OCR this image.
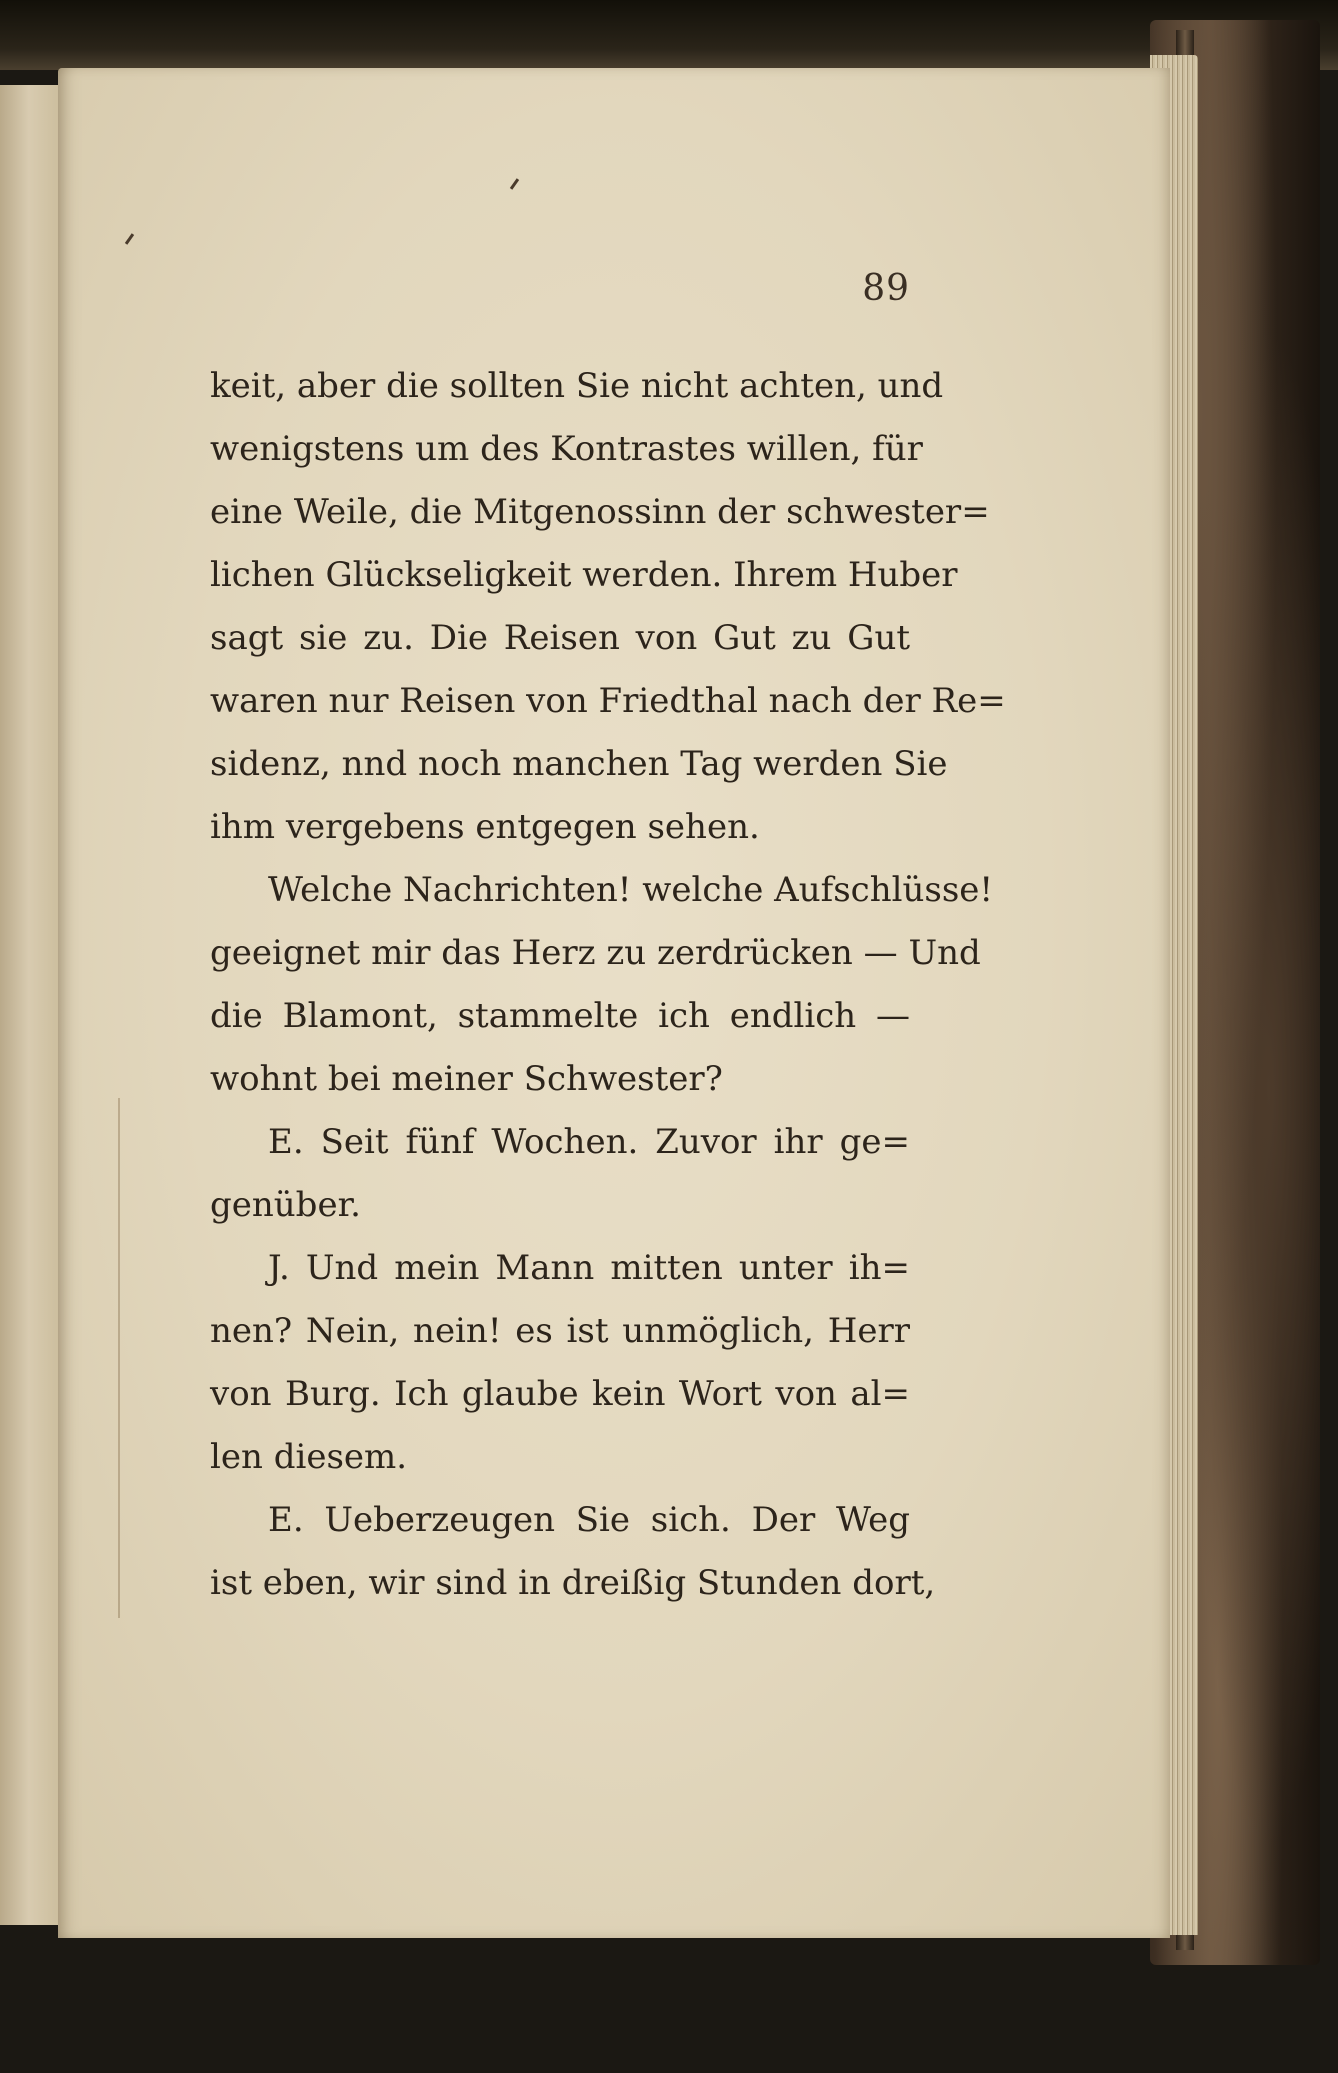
89
keit, aber die sollten Sie nicht achten, und
wenigstens um des Kontrastes willen, für
eine Weile, die Mitgenossinn der schwester=
lichen Glückseligkeit werden. Ihrem Huber
sagt sie zu. Die Reisen von Gut zu Gut
waren nur Reisen von Friedthal nach der Re=
sidenz, nnd noch manchen Tag werden Sie
ihm vergebens entgegen sehen.
Welche Nachrichten! welche Aufschlüsse!
geeignet mir das Herz zu zerdrücken — Und
die Blamont, stammelte ich endlich —
wohnt bei meiner Schwester?
E. Seit fünf Wochen. Zuvor ihr ge=
genüber.
J. Und mein Mann mitten unter ih=
nen? Nein, nein! es ist unmöglich, Herr
von Burg. Ich glaube kein Wort von al=
len diesem.
E. Ueberzeugen Sie sich. Der Weg
ist eben, wir sind in dreißig Stunden dort,
